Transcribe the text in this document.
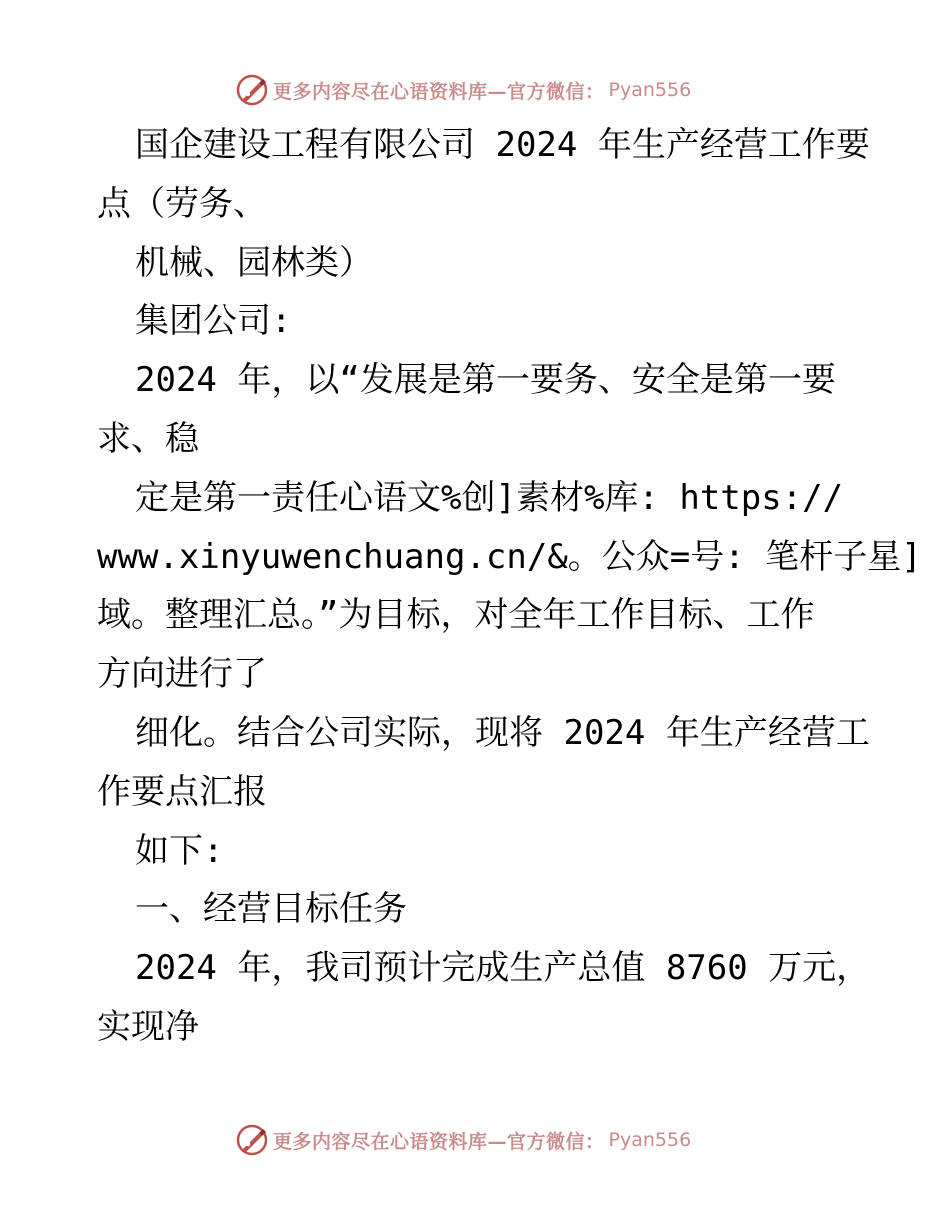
更多内容尽在心语资料库—官方微信： Pyan556
国企建设工程有限公司 2024 年生产经营工作要
点（劳务、
机械、园林类）
集团公司:
2024 年，以“发展是第一要务、安全是第一要
求、稳
定是第一责任心语文%创]素材%库: https://
www.xinyuwenchuang.cn/&。公众=号: 笔杆子星]
域。整理汇总。”为目标，对全年工作目标、工作
方向进行了
细化。结合公司实际，现将 2024 年生产经营工
作要点汇报
如下:
一、经营目标任务
2024 年，我司预计完成生产总值 8760 万元，
实现净
更多内容尽在心语资料库—官方微信： Pyan556
